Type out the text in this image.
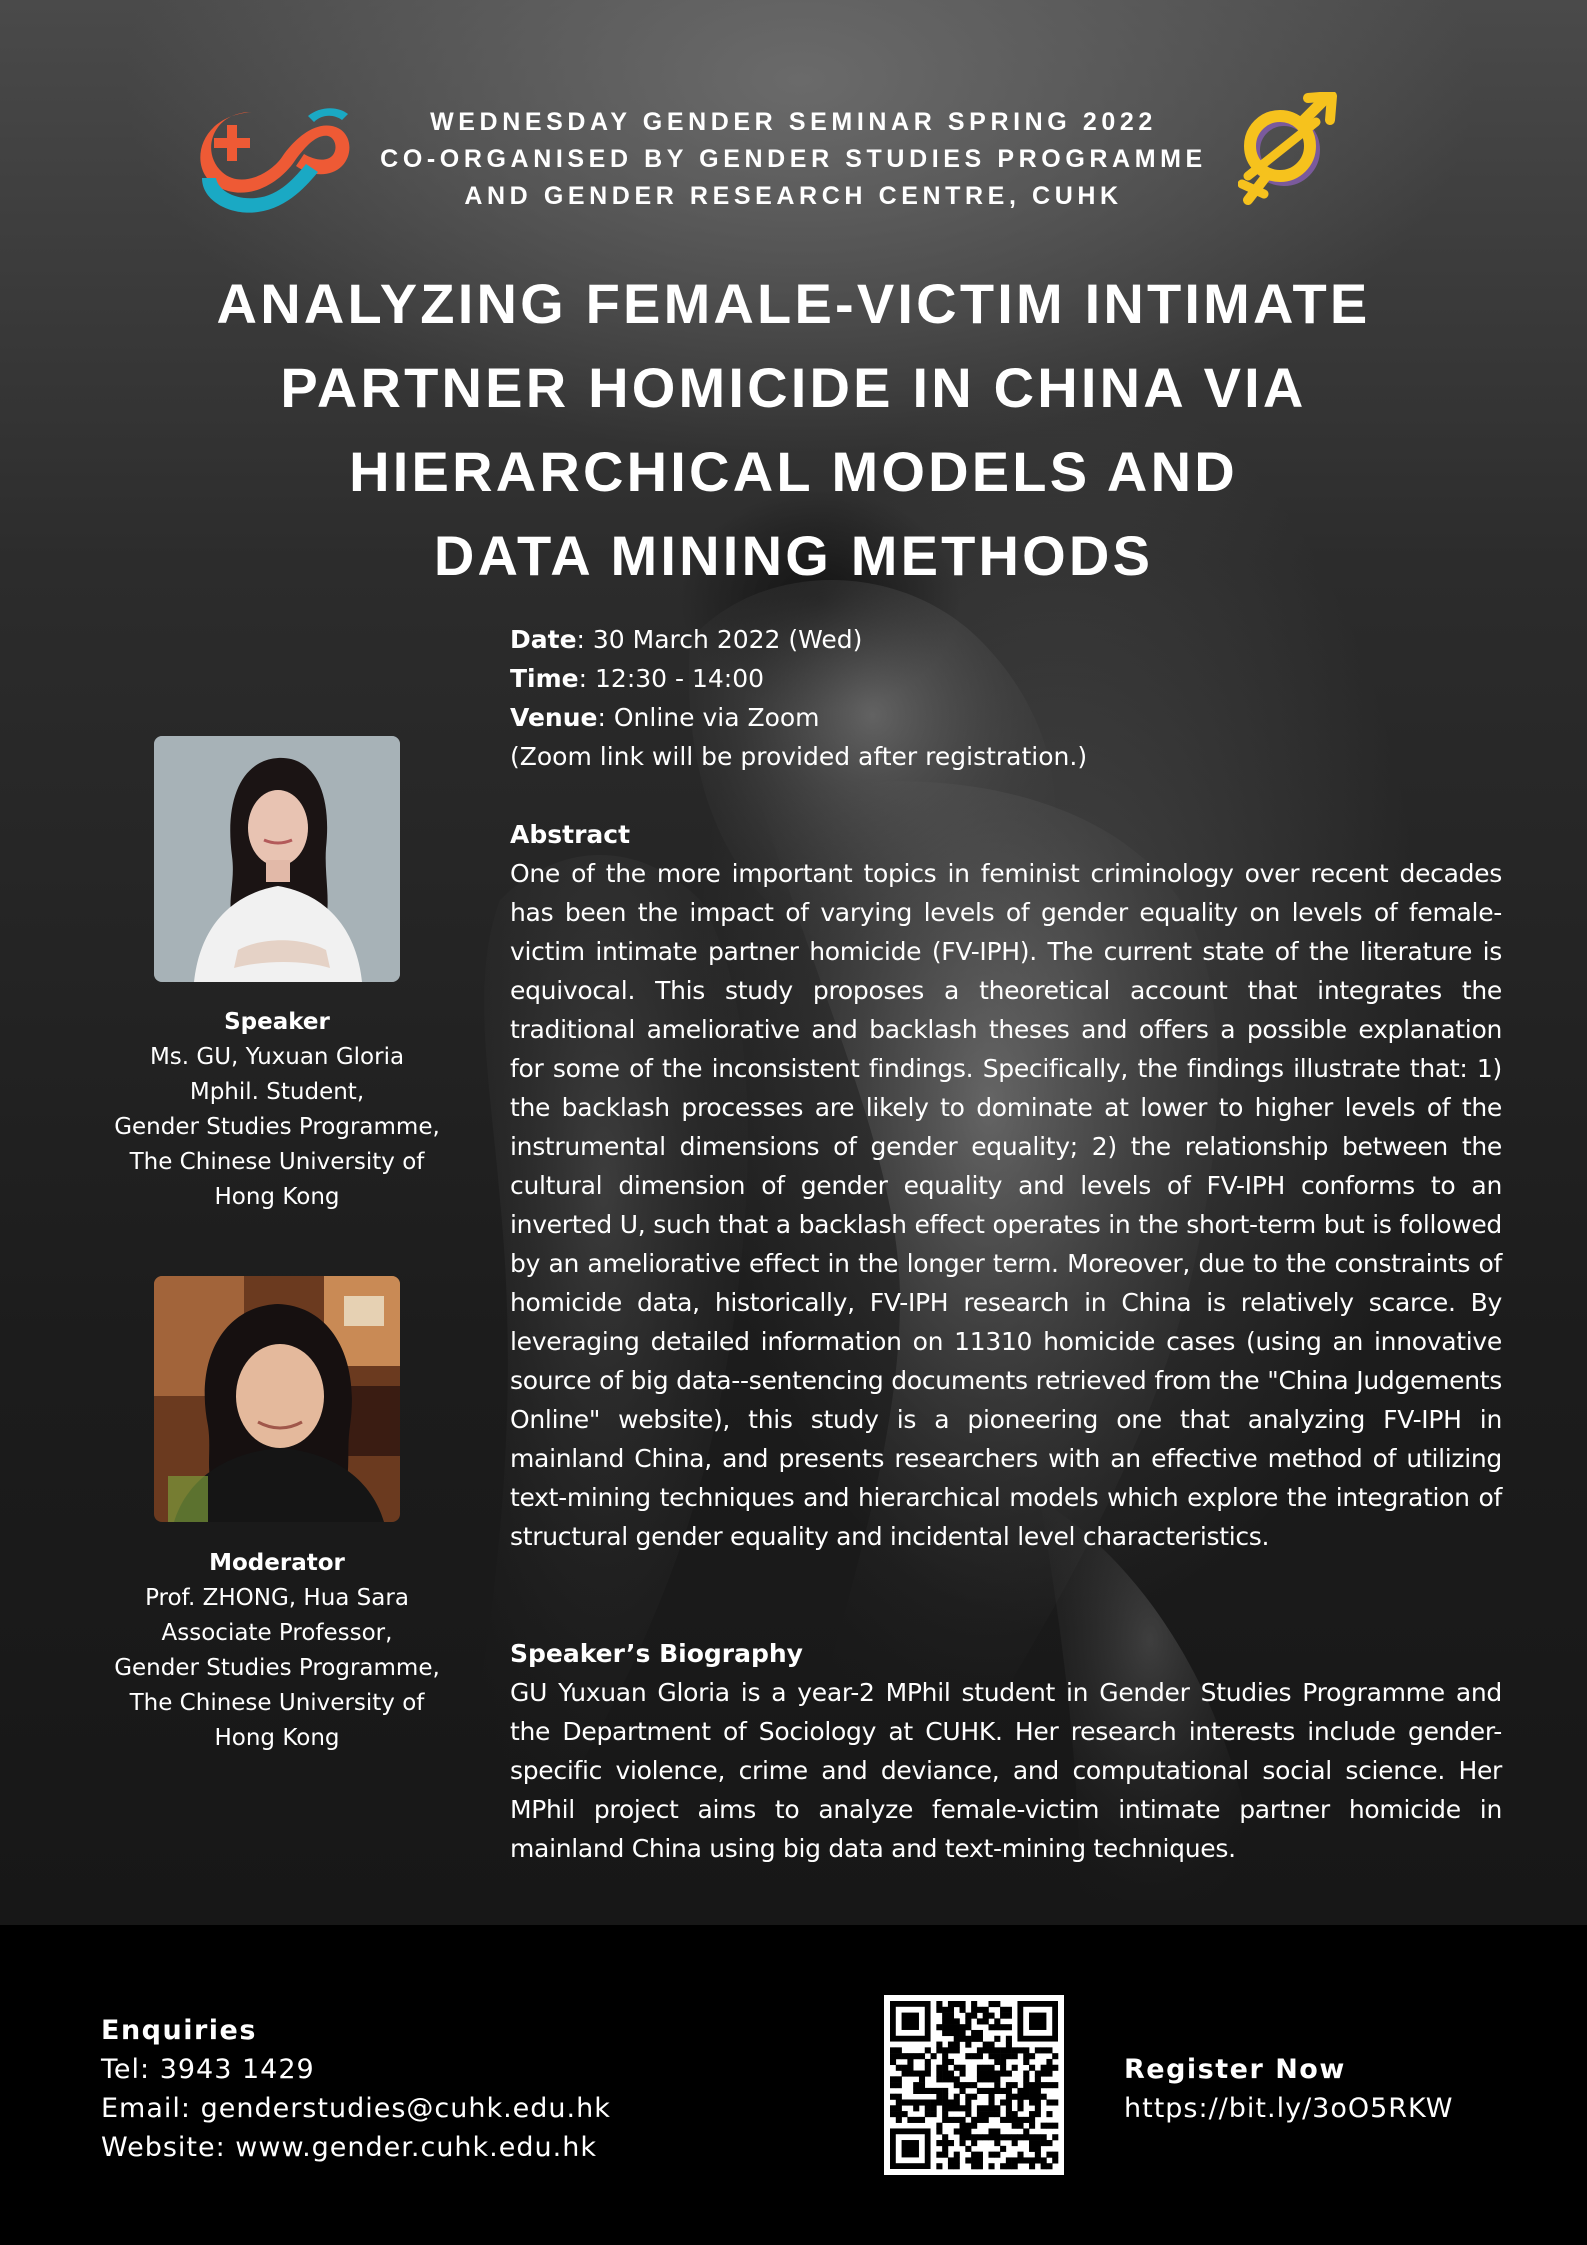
WEDNESDAY GENDER SEMINAR SPRING 2022
CO-ORGANISED BY GENDER STUDIES PROGRAMME
AND GENDER RESEARCH CENTRE, CUHK
ANALYZING FEMALE-VICTIM INTIMATE
PARTNER HOMICIDE IN CHINA VIA
HIERARCHICAL MODELS AND
DATA MINING METHODS
Date: 30 March 2022 (Wed)
Time: 12:30 - 14:00
Venue: Online via Zoom
(Zoom link will be provided after registration.)
Abstract
One of the more important topics in feminist criminology over recent decades has been the impact of varying levels of gender equality on levels of female-victim intimate partner homicide (FV-IPH). The current state of the literature is equivocal. This study proposes a theoretical account that integrates the traditional ameliorative and backlash theses and offers a possible explanation for some of the inconsistent findings. Specifically, the findings illustrate that: 1) the backlash processes are likely to dominate at lower to higher levels of the instrumental dimensions of gender equality; 2) the relationship between the cultural dimension of gender equality and levels of FV-IPH conforms to an inverted U, such that a backlash effect operates in the short-term but is followed by an ameliorative effect in the longer term. Moreover, due to the constraints of homicide data, historically, FV-IPH research in China is relatively scarce. By leveraging detailed information on 11310 homicide cases (using an innovative source of big data--sentencing documents retrieved from the "China Judgements Online" website), this study is a pioneering one that analyzing FV-IPH in mainland China, and presents researchers with an effective method of utilizing text-mining techniques and hierarchical models which explore the integration of structural gender equality and incidental level characteristics.
Speaker’s Biography
GU Yuxuan Gloria is a year-2 MPhil student in Gender Studies Programme and the Department of Sociology at CUHK. Her research interests include gender-specific violence, crime and deviance, and computational social science. Her MPhil project aims to analyze female-victim intimate partner homicide in mainland China using big data and text-mining techniques.
Speaker
Ms. GU, Yuxuan Gloria
Mphil. Student,
Gender Studies Programme,
The Chinese University of
Hong Kong
Moderator
Prof. ZHONG, Hua Sara
Associate Professor,
Gender Studies Programme,
The Chinese University of
Hong Kong
Enquiries
Tel: 3943 1429
Email: genderstudies@cuhk.edu.hk
Website: www.gender.cuhk.edu.hk
Register Now
https://bit.ly/3oO5RKW
